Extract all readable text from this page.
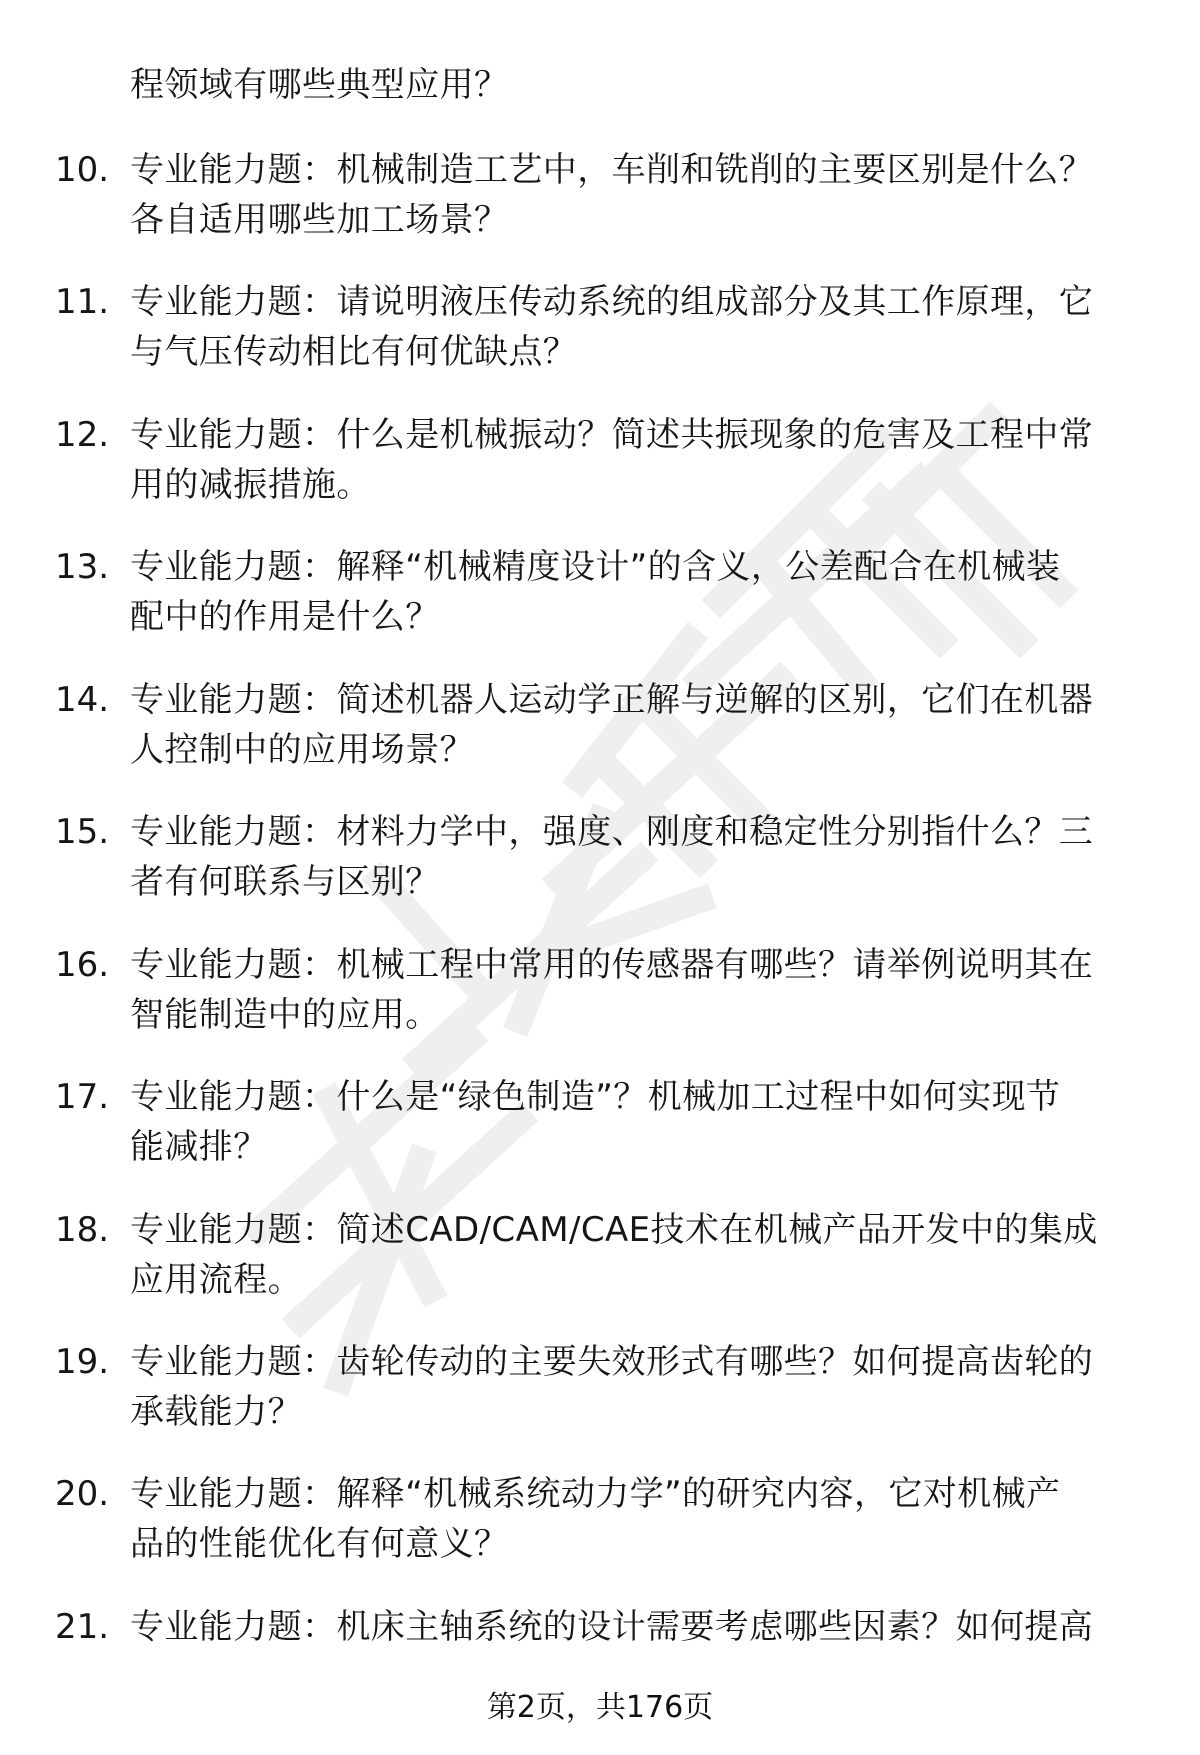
程领域有哪些典型应用？
10. 专业能力题：机械制造工艺中，车削和铣削的主要区别是什么？
各自适用哪些加工场景？
11. 专业能力题：请说明液压传动系统的组成部分及其工作原理，它
与气压传动相比有何优缺点？
12. 专业能力题：什么是机械振动？简述共振现象的危害及工程中常
用的减振措施。
13. 专业能力题：解释“机械精度设计”的含义，公差配合在机械装
配中的作用是什么？
14. 专业能力题：简述机器人运动学正解与逆解的区别，它们在机器
人控制中的应用场景？
15. 专业能力题：材料力学中，强度、刚度和稳定性分别指什么？三
者有何联系与区别？
16. 专业能力题：机械工程中常用的传感器有哪些？请举例说明其在
智能制造中的应用。
17. 专业能力题：什么是“绿色制造”？机械加工过程中如何实现节
能减排？
18. 专业能力题：简述CAD/CAM/CAE技术在机械产品开发中的集成
应用流程。
19. 专业能力题：齿轮传动的主要失效形式有哪些？如何提高齿轮的
承载能力？
20. 专业能力题：解释“机械系统动力学”的研究内容，它对机械产
品的性能优化有何意义？
21. 专业能力题：机床主轴系统的设计需要考虑哪些因素？如何提高
第2页，共176页
